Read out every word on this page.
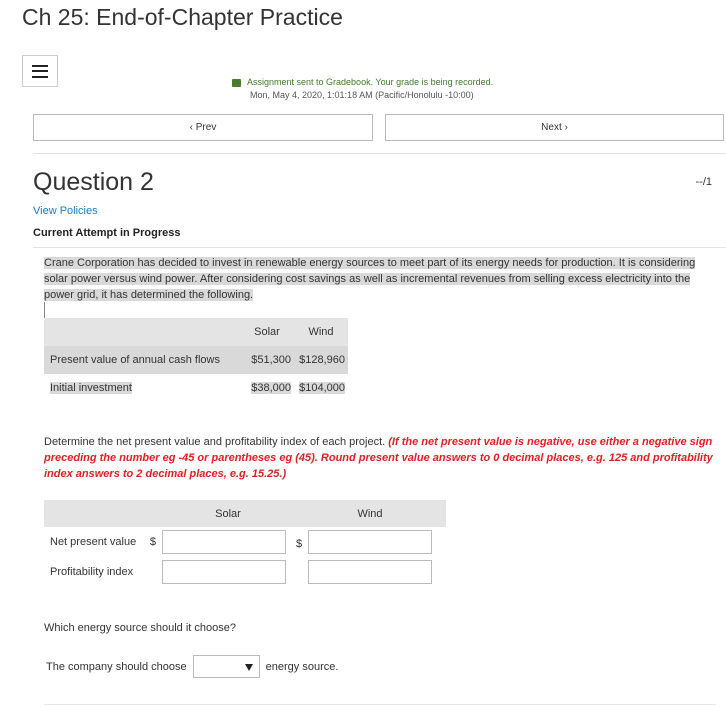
Ch 25: End-of-Chapter Practice
Assignment sent to Gradebook. Your grade is being recorded.
Mon, May 4, 2020, 1:01:18 AM (Pacific/Honolulu -10:00)
‹ Prev	Next ›
Question 2	--/1
View Policies
Current Attempt in Progress
Crane Corporation has decided to invest in renewable energy sources to meet part of its energy needs for production. It is considering solar power versus wind power. After considering cost savings as well as incremental revenues from selling excess electricity into the power grid, it has determined the following.
	Solar	Wind
Present value of annual cash flows	$51,300	$128,960
Initial investment	$38,000	$104,000
Determine the net present value and profitability index of each project. (If the net present value is negative, use either a negative sign preceding the number eg -45 or parentheses eg (45). Round present value answers to 0 decimal places, e.g. 125 and profitability index answers to 2 decimal places, e.g. 15.25.)
	Solar	Wind
Net present value $		$
Profitability index		
Which energy source should it choose?
The company should choose	energy source.
